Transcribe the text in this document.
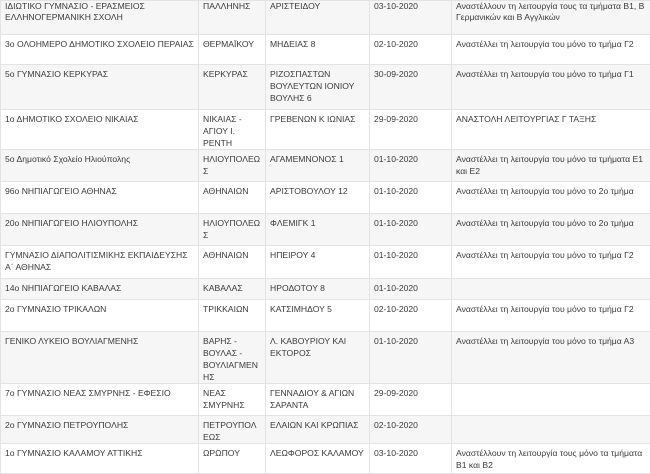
ΙΔΙΩΤΙΚΟ ΓΥΜΝΑΣΙΟ - ΕΡΑΣΜΕΙΟΣ ΕΛΛΗΝΟΓΕΡΜΑΝΙΚΗ ΣΧΟΛΗ	ΠΑΛΛΗΝΗΣ	ΑΡΙΣΤΕΙΔΟΥ	03-10-2020	Αναστέλλουν τη λειτουργία τους τα τμήματα Β1, Β Γερμανικών και Β Αγγλικών
3ο ΟΛΟΗΜΕΡΟ ΔΗΜΟΤΙΚΟ ΣΧΟΛΕΙΟ ΠΕΡΑΙΑΣ	ΘΕΡΜΑΪΚΟΥ	ΜΗΔΕΙΑΣ 8	02-10-2020	Αναστέλλει τη λειτουργία του μόνο το τμήμα Γ2
5ο ΓΥΜΝΑΣΙΟ ΚΕΡΚΥΡΑΣ	ΚΕΡΚΥΡΑΣ	ΡΙΖΟΣΠΑΣΤΩΝ ΒΟΥΛΕΥΤΩΝ ΙΟΝΙΟΥ ΒΟΥΛΗΣ 6	30-09-2020	Αναστέλλει τη λειτουργία του μόνο το τμήμα Γ1
1ο ΔΗΜΟΤΙΚΟ ΣΧΟΛΕΙΟ ΝΙΚΑΙΑΣ	ΝΙΚΑΙΑΣ - ΑΓΙΟΥ Ι. ΡΕΝΤΗ	ΓΡΕΒΕΝΩΝ Κ ΙΩΝΙΑΣ	29-09-2020	ΑΝΑΣΤΟΛΗ ΛΕΙΤΟΥΡΓΙΑΣ Γ ΤΑΞΗΣ
5ο Δημοτικό Σχολείο Ηλιούπολης	ΗΛΙΟΥΠΟΛΕΩΣ	ΑΓΑΜΕΜΝΟΝΟΣ 1	01-10-2020	Αναστέλλει τη λειτουργία του μόνο τα τμήματα Ε1 και Ε2
96ο ΝΗΠΙΑΓΩΓΕΙΟ ΑΘΗΝΑΣ	ΑΘΗΝΑΙΩΝ	ΑΡΙΣΤΟΒΟΥΛΟΥ 12	01-10-2020	Αναστέλλει τη λειτουργία του μόνο το 2ο τμήμα
20ο ΝΗΠΙΑΓΩΓΕΙΟ ΗΛΙΟΥΠΟΛΗΣ	ΗΛΙΟΥΠΟΛΕΩΣ	ΦΛΕΜΙΓΚ 1	01-10-2020	Αναστέλλει τη λειτουργία του μόνο το 2ο τμήμα
ΓΥΜΝΑΣΙΟ ΔΙΑΠΟΛΙΤΙΣΜΙΚΗΣ ΕΚΠΑΙΔΕΥΣΗΣ Α΄ ΑΘΗΝΑΣ	ΑΘΗΝΑΙΩΝ	ΗΠΕΙΡΟΥ 4	01-10-2020	Αναστέλλει τη λειτουργία του μόνο το τμήμα Γ2
14ο ΝΗΠΙΑΓΩΓΕΙΟ ΚΑΒΑΛΑΣ	ΚΑΒΑΛΑΣ	ΗΡΟΔΟΤΟΥ 8	01-10-2020	
2ο ΓΥΜΝΑΣΙΟ ΤΡΙΚΑΛΩΝ	ΤΡΙΚΚΑΙΩΝ	ΚΑΤΣΙΜΗΔΟΥ 5	02-10-2020	Αναστέλλει τη λειτουργία του μόνο το τμήμα Γ2
ΓΕΝΙΚΟ ΛΥΚΕΙΟ ΒΟΥΛΙΑΓΜΕΝΗΣ	ΒΑΡΗΣ - ΒΟΥΛΑΣ - ΒΟΥΛΙΑΓΜΕΝΗΣ	Λ. ΚΑΒΟΥΡΙΟΥ ΚΑΙ ΕΚΤΟΡΟΣ	01-10-2020	Αναστέλλει τη λειτουργία του μόνο το τμήμα Α3
7ο ΓΥΜΝΑΣΙΟ ΝΕΑΣ ΣΜΥΡΝΗΣ - ΕΦΕΣΙΟ	ΝΕΑΣ ΣΜΥΡΝΗΣ	ΓΕΝΝΑΔΙΟΥ & ΑΓΙΩΝ ΣΑΡΑΝΤΑ	29-09-2020	
2ο ΓΥΜΝΑΣΙΟ ΠΕΤΡΟΥΠΟΛΗΣ	ΠΕΤΡΟΥΠΟΛΕΩΣ	ΕΛΑΙΩΝ ΚΑΙ ΚΡΩΠΙΑΣ	02-10-2020	
1ο ΓΥΜΝΑΣΙΟ ΚΑΛΑΜΟΥ ΑΤΤΙΚΗΣ	ΩΡΩΠΟΥ	ΛΕΩΦΟΡΟΣ ΚΑΛΑΜΟΥ	03-10-2020	Αναστέλλουν τη λειτουργία τους μόνο τα τμήματα Β1 και Β2
